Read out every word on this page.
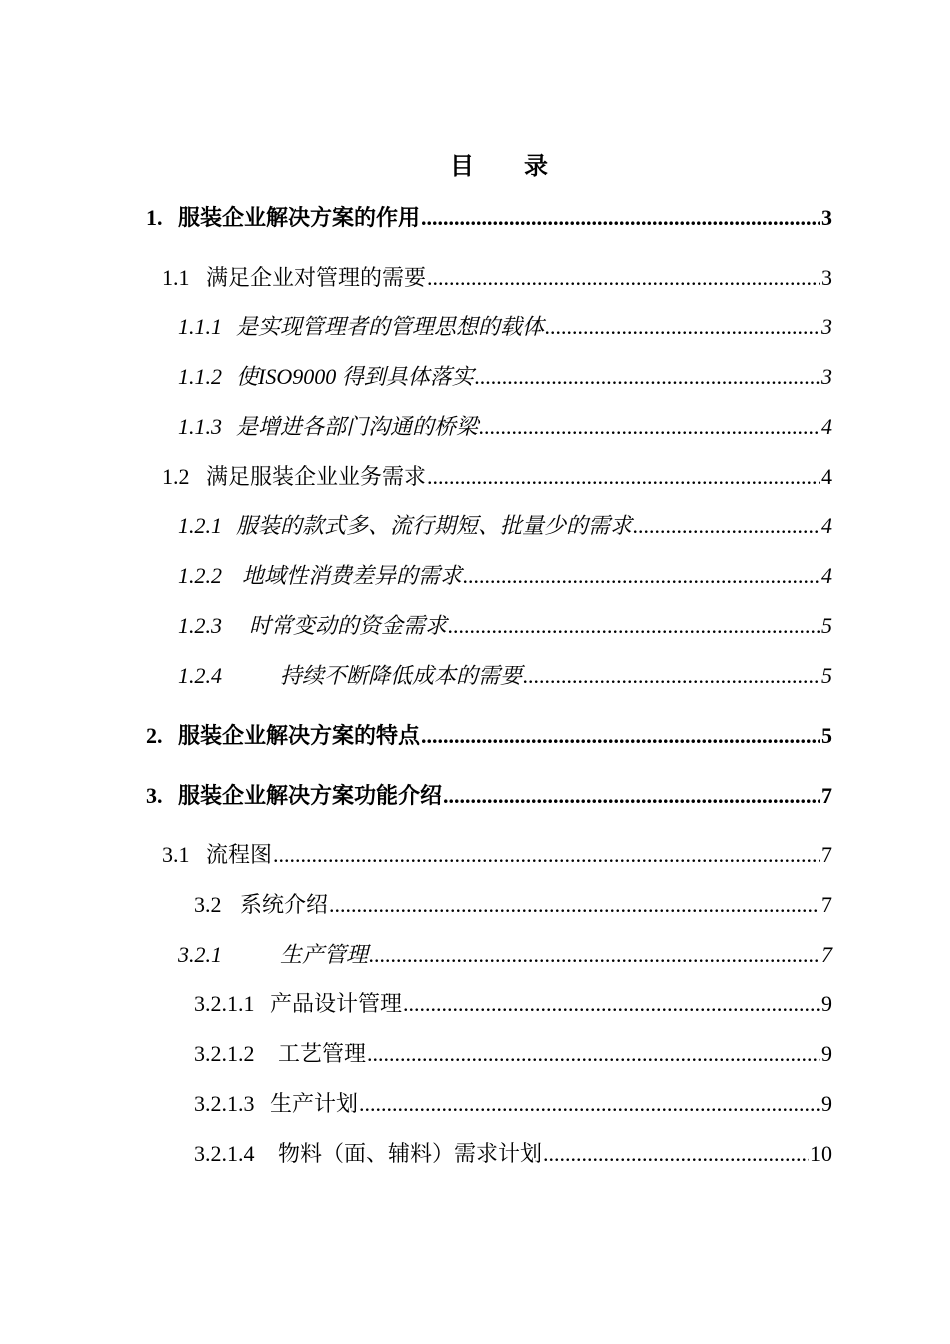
目 录
1. 服装企业解决方案的作用 .....	3
1.1 满足企业对管理的需要 .....	3
1.1.1 是实现管理者的管理思想的载体 .....	3
1.1.2 使ISO9000 得到具体落实 .....	3
1.1.3 是增进各部门沟通的桥梁 .....	4
1.2 满足服装企业业务需求 .....	4
1.2.1 服装的款式多、流行期短、批量少的需求 .....	4
1.2.2 地域性消费差异的需求 .....	4
1.2.3 时常变动的资金需求 .....	5
1.2.4	持续不断降低成本的需要 .....	5
2. 服装企业解决方案的特点 .....	5
3. 服装企业解决方案功能介绍 .....	7
3.1 流程图 .....	7
3.2 系统介绍 .....	7
3.2.1	生产管理 .....	7
3.2.1.1 产品设计管理 .....	9
3.2.1.2 工艺管理 .....	9
3.2.1.3 生产计划 .....	9
3.2.1.4 物料（面、辅料）需求计划 .....	10
